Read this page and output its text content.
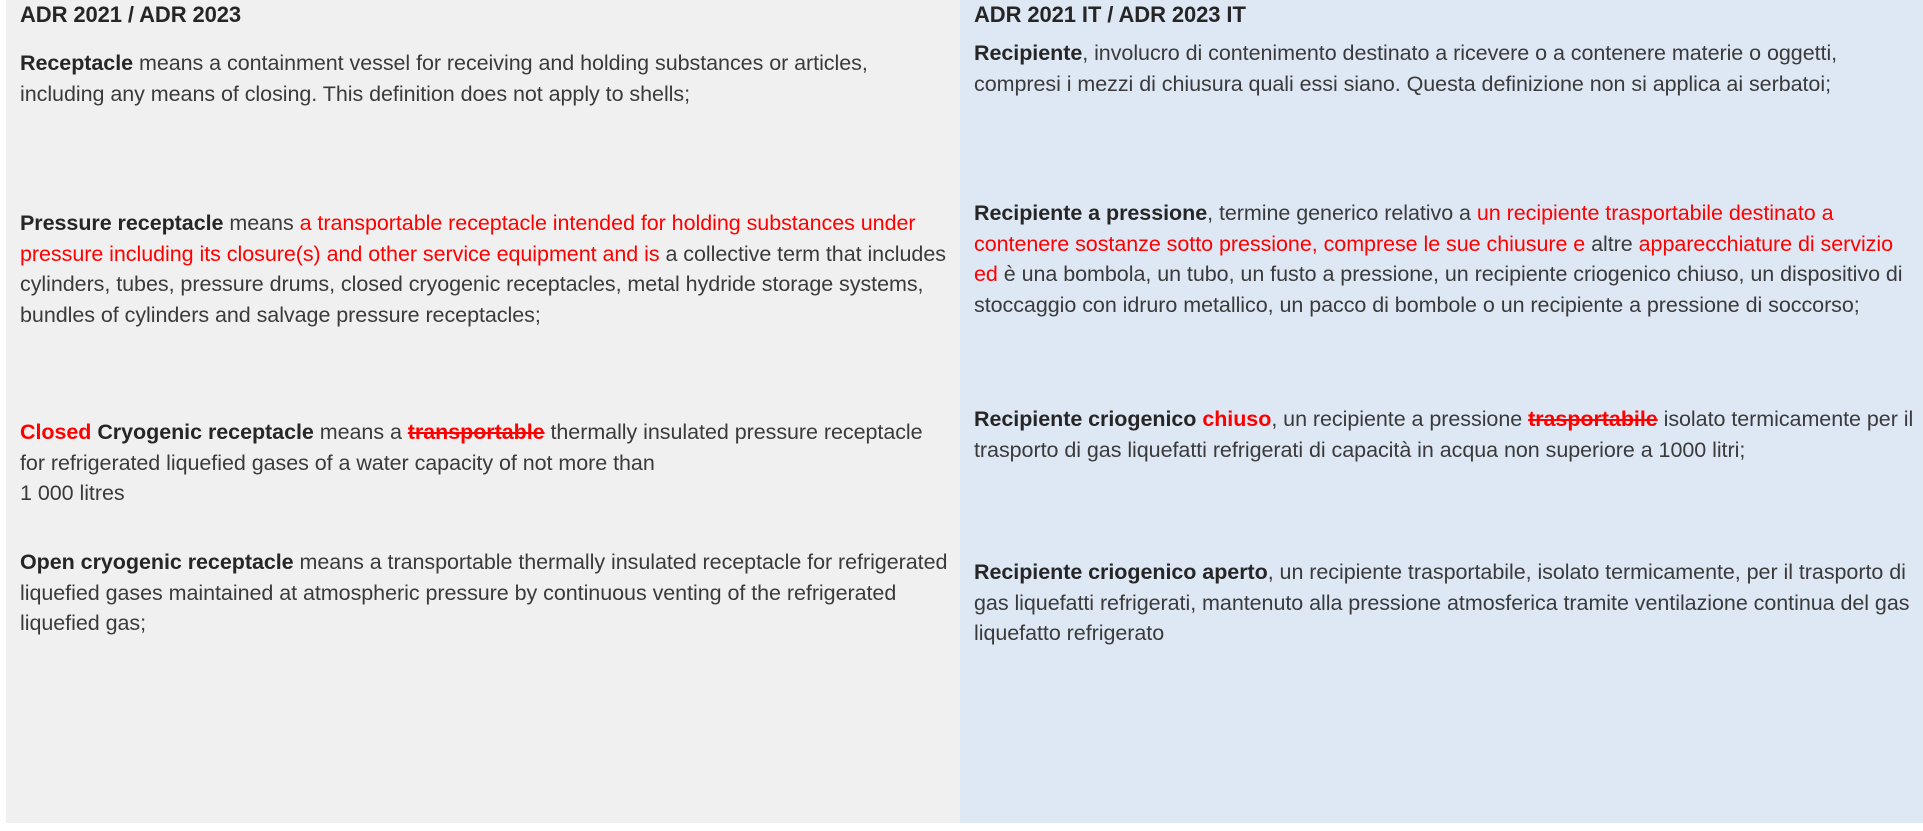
ADR 2021 / ADR 2023
Receptacle means a containment vessel for receiving and holding substances or articles, including any means of closing. This definition does not apply to shells;
Pressure receptacle means a transportable receptacle intended for holding substances under pressure including its closure(s) and other service equipment and is a collective term that includes cylinders, tubes, pressure drums, closed cryogenic receptacles, metal hydride storage systems, bundles of cylinders and salvage pressure receptacles;
Closed Cryogenic receptacle means a transportable thermally insulated pressure receptacle for refrigerated liquefied gases of a water capacity of not more than
1 000 litres
Open cryogenic receptacle means a transportable thermally insulated receptacle for refrigerated liquefied gases maintained at atmospheric pressure by continuous venting of the refrigerated liquefied gas;
ADR 2021 IT / ADR 2023 IT
Recipiente, involucro di contenimento destinato a ricevere o a contenere materie o oggetti, compresi i mezzi di chiusura quali essi siano. Questa definizione non si applica ai serbatoi;
Recipiente a pressione, termine generico relativo a un recipiente trasportabile destinato a contenere sostanze sotto pressione, comprese le sue chiusure e altre apparecchiature di servizio ed è una bombola, un tubo, un fusto a pressione, un recipiente criogenico chiuso, un dispositivo di stoccaggio con idruro metallico, un pacco di bombole o un recipiente a pressione di soccorso;
Recipiente criogenico chiuso, un recipiente a pressione trasportabile isolato termicamente per il trasporto di gas liquefatti refrigerati di capacità in acqua non superiore a 1000 litri;
Recipiente criogenico aperto, un recipiente trasportabile, isolato termicamente, per il trasporto di gas liquefatti refrigerati, mantenuto alla pressione atmosferica tramite ventilazione continua del gas liquefatto refrigerato
